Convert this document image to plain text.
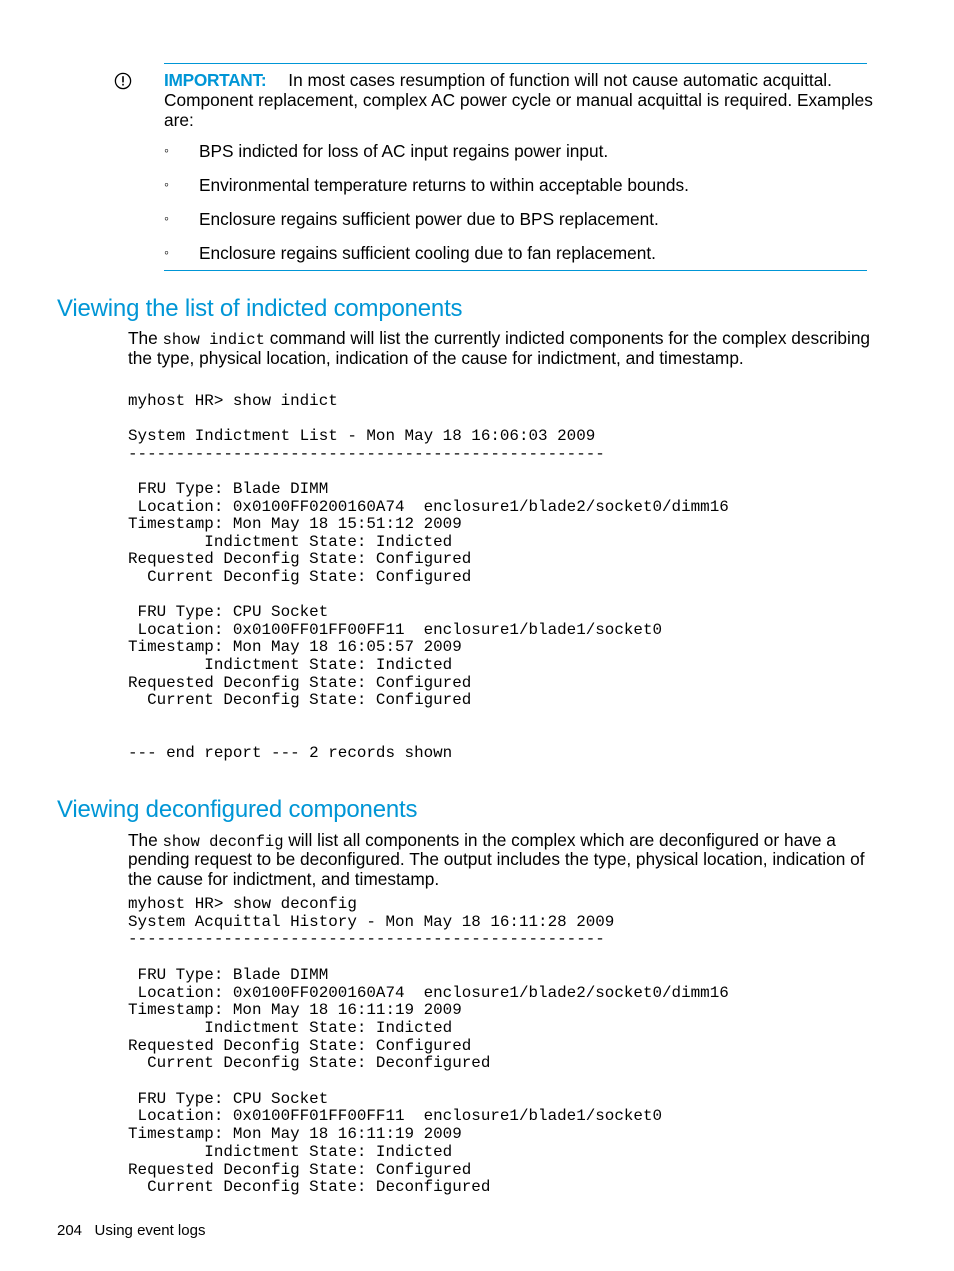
IMPORTANT: In most cases resumption of function will not cause automatic acquittal.
Component replacement, complex AC power cycle or manual acquittal is required. Examples
are:
◦ BPS indicted for loss of AC input regains power input.
◦ Environmental temperature returns to within acceptable bounds.
◦ Enclosure regains sufficient power due to BPS replacement.
◦ Enclosure regains sufficient cooling due to fan replacement.
Viewing the list of indicted components
The show indict command will list the currently indicted components for the complex describing
the type, physical location, indication of the cause for indictment, and timestamp.
myhost HR> show indict
System Indictment List - Mon May 18 16:06:03 2009
--------------------------------------------------
FRU Type: Blade DIMM
Location: 0x0100FF0200160A74  enclosure1/blade2/socket0/dimm16
Timestamp: Mon May 18 15:51:12 2009
Indictment State: Indicted
Requested Deconfig State: Configured
Current Deconfig State: Configured
FRU Type: CPU Socket
Location: 0x0100FF01FF00FF11  enclosure1/blade1/socket0
Timestamp: Mon May 18 16:05:57 2009
Indictment State: Indicted
Requested Deconfig State: Configured
Current Deconfig State: Configured
--- end report --- 2 records shown
Viewing deconfigured components
The show deconfig will list all components in the complex which are deconfigured or have a
pending request to be deconfigured. The output includes the type, physical location, indication of
the cause for indictment, and timestamp.
myhost HR> show deconfig
System Acquittal History - Mon May 18 16:11:28 2009
--------------------------------------------------
FRU Type: Blade DIMM
Location: 0x0100FF0200160A74  enclosure1/blade2/socket0/dimm16
Timestamp: Mon May 18 16:11:19 2009
Indictment State: Indicted
Requested Deconfig State: Configured
Current Deconfig State: Deconfigured
FRU Type: CPU Socket
Location: 0x0100FF01FF00FF11  enclosure1/blade1/socket0
Timestamp: Mon May 18 16:11:19 2009
Indictment State: Indicted
Requested Deconfig State: Configured
Current Deconfig State: Deconfigured
204 Using event logs
